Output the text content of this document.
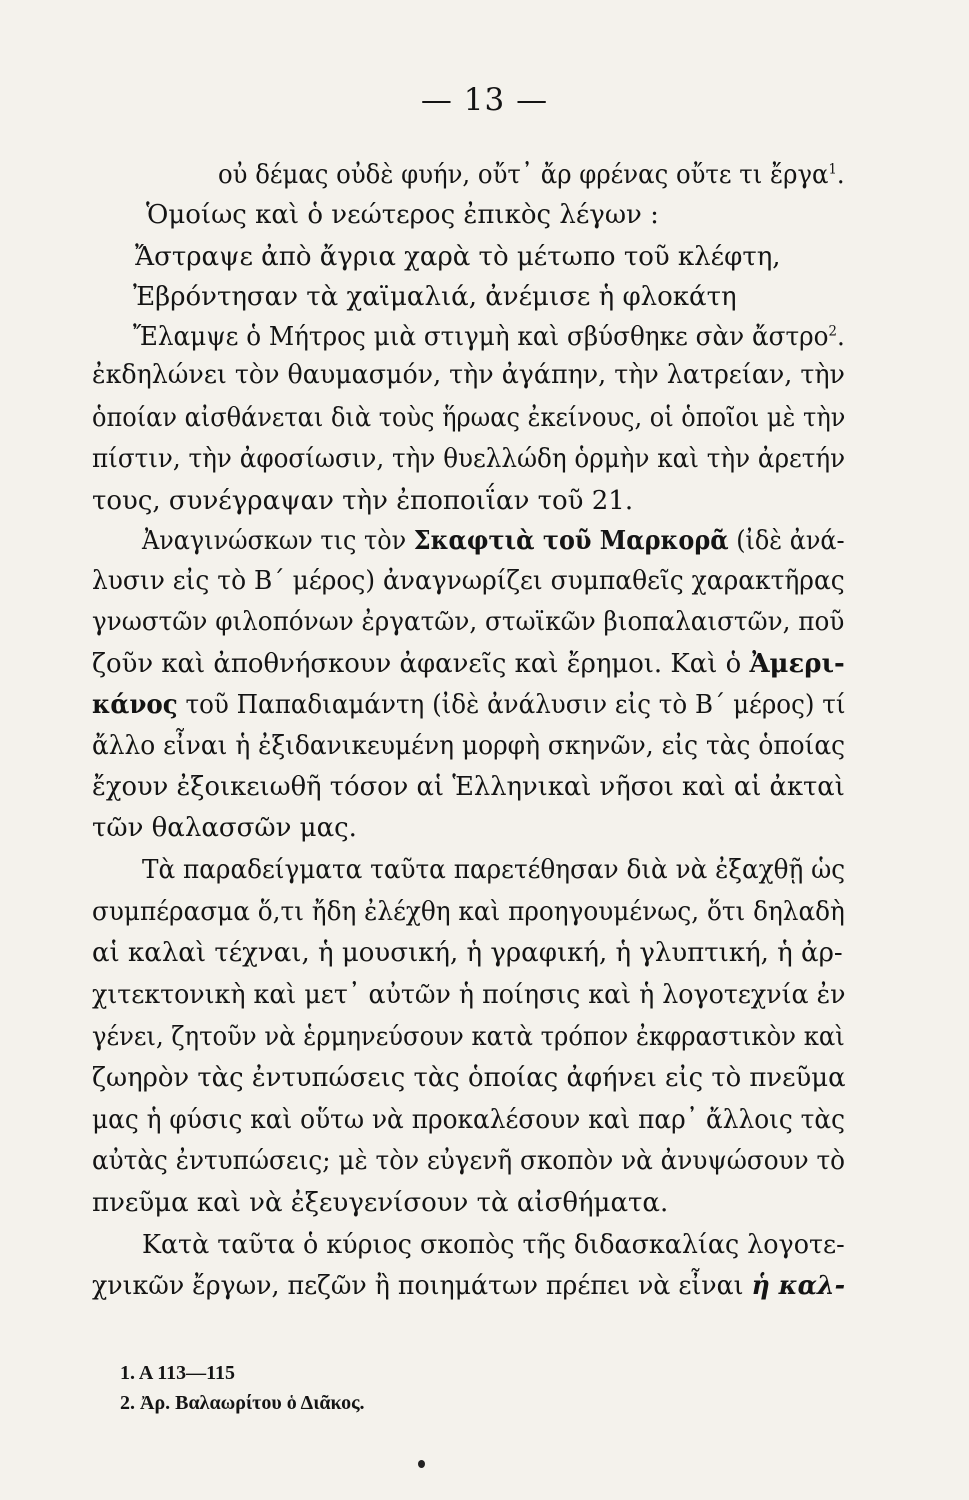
— 13 —
οὐ δέμας οὐδὲ φυήν, οὔτ᾽ ἄρ φρένας οὔτε τι ἔργα$^1$.
Ὁμοίως καὶ ὁ νεώτερος ἐπικὸς λέγων :
Ἄστραψε ἀπὸ ἄγρια χαρὰ τὸ μέτωπο τοῦ κλέφτη,
Ἐβρόντησαν τὰ χαϊμαλιά, ἀνέμισε ἡ φλοκάτη
Ἔλαμψε ὁ Μήτρος μιὰ στιγμὴ καὶ σβύσθηκε σὰν ἄστρο$^2$.
ἐκδηλώνει τὸν θαυμασμόν, τὴν ἀγάπην, τὴν λατρείαν, τὴν
ὁποίαν αἰσθάνεται διὰ τοὺς ἥρωας ἐκείνους, οἱ ὁποῖοι μὲ τὴν
πίστιν, τὴν ἀφοσίωσιν, τὴν θυελλώδη ὁρμὴν καὶ τὴν ἀρετήν
τους, συνέγραψαν τὴν ἐποποιΐαν τοῦ 21.
Ἀναγινώσκων τις τὸν Σκαφτιὰ τοῦ Μαρκορᾶ (ἰδὲ ἀνά-
λυσιν εἰς τὸ Β΄ μέρος) ἀναγνωρίζει συμπαθεῖς χαρακτῆρας
γνωστῶν φιλοπόνων ἐργατῶν, στωϊκῶν βιοπαλαιστῶν, ποῦ
ζοῦν καὶ ἀποθνήσκουν ἀφανεῖς καὶ ἔρημοι. Καὶ ὁ Ἀμερι-
κάνος τοῦ Παπαδιαμάντη (ἰδὲ ἀνάλυσιν εἰς τὸ Β΄ μέρος) τί
ἄλλο εἶναι ἡ ἐξιδανικευμένη μορφὴ σκηνῶν, εἰς τὰς ὁποίας
ἔχουν ἐξοικειωθῆ τόσον αἱ Ἑλληνικαὶ νῆσοι καὶ αἱ ἀκταὶ
τῶν θαλασσῶν μας.
Τὰ παραδείγματα ταῦτα παρετέθησαν διὰ νὰ ἐξαχθῇ ὡς
συμπέρασμα ὅ,τι ἤδη ἐλέχθη καὶ προηγουμένως, ὅτι δηλαδὴ
αἱ καλαὶ τέχναι, ἡ μουσική, ἡ γραφική, ἡ γλυπτική, ἡ ἀρ-
χιτεκτονικὴ καὶ μετ᾽ αὐτῶν ἡ ποίησις καὶ ἡ λογοτεχνία ἐν
γένει, ζητοῦν νὰ ἑρμηνεύσουν κατὰ τρόπον ἐκφραστικὸν καὶ
ζωηρὸν τὰς ἐντυπώσεις τὰς ὁποίας ἀφήνει εἰς τὸ πνεῦμα
μας ἡ φύσις καὶ οὕτω νὰ προκαλέσουν καὶ παρ᾽ ἄλλοις τὰς
αὐτὰς ἐντυπώσεις; μὲ τὸν εὐγενῆ σκοπὸν νὰ ἀνυψώσουν τὸ
πνεῦμα καὶ νὰ ἐξευγενίσουν τὰ αἰσθήματα.
Κατὰ ταῦτα ὁ κύριος σκοπὸς τῆς διδασκαλίας λογοτε-
χνικῶν ἔργων, πεζῶν ἢ ποιημάτων πρέπει νὰ εἶναι ἡ καλ-
1. Α 113—115
2. Ἀρ. Βαλαωρίτου ὁ Διᾶκος.
